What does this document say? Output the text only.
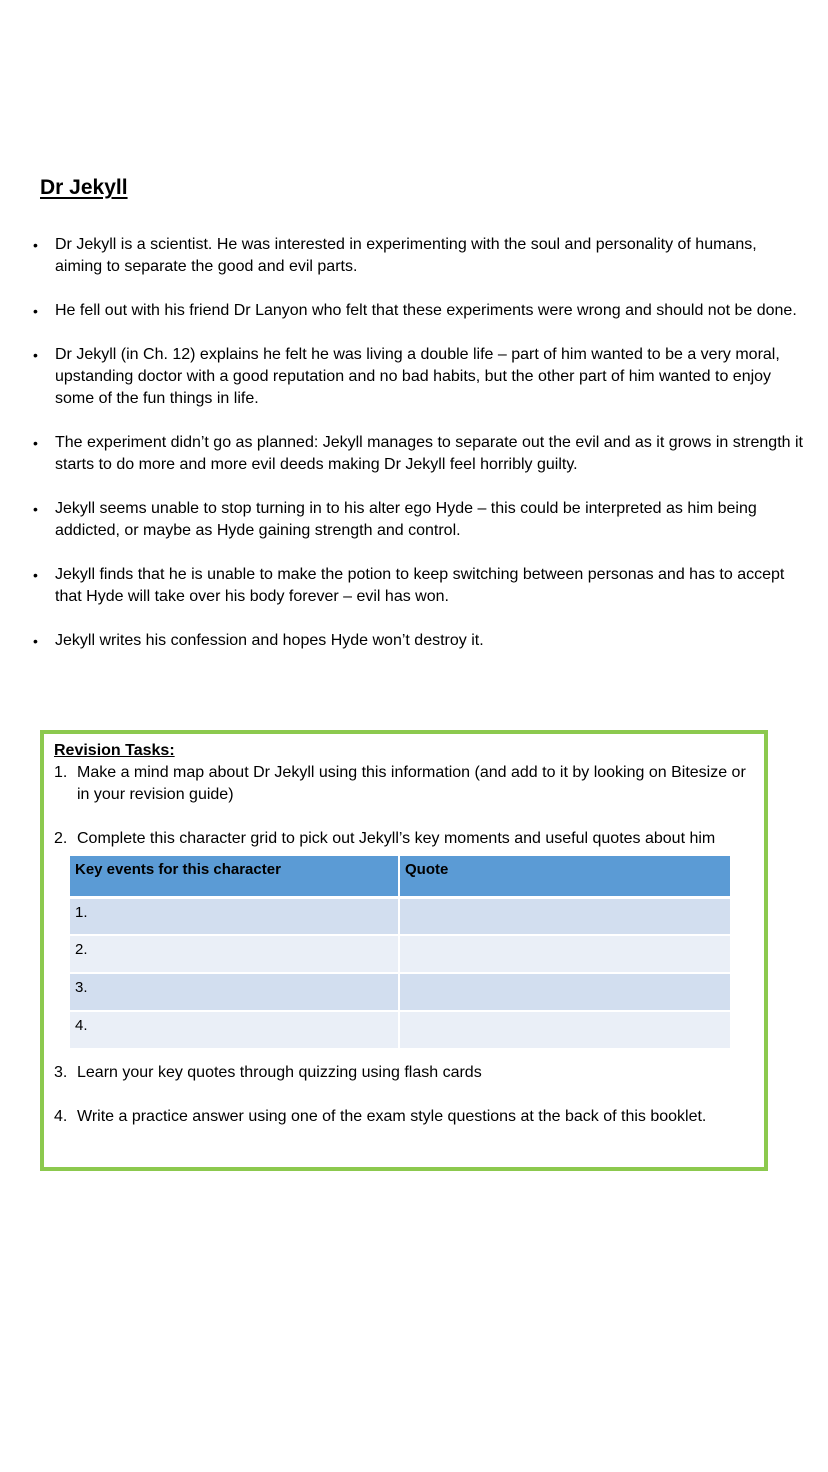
Dr Jekyll
•	Dr Jekyll is a scientist. He was interested in experimenting with the soul and personality of humans, aiming to separate the good and evil parts.
•	He fell out with his friend Dr Lanyon who felt that these experiments were wrong and should not be done.
•	Dr Jekyll (in Ch. 12) explains he felt he was living a double life – part of him wanted to be a very moral, upstanding doctor with a good reputation and no bad habits, but the other part of him wanted to enjoy some of the fun things in life.
•	The experiment didn’t go as planned: Jekyll manages to separate out the evil and as it grows in strength it starts to do more and more evil deeds making Dr Jekyll feel horribly guilty.
•	Jekyll seems unable to stop turning in to his alter ego Hyde – this could be interpreted as him being addicted, or maybe as Hyde gaining strength and control.
•	Jekyll finds that he is unable to make the potion to keep switching between personas and has to accept that Hyde will take over his body forever – evil has won.
•	Jekyll writes his confession and hopes Hyde won’t destroy it.

Revision Tasks:

1. Make a mind map about Dr Jekyll using this information (and add to it by looking on Bitesize or in your revision guide)
2. Complete this character grid to pick out Jekyll’s key moments and useful quotes about him
Key events for this character	Quote
1.	
2.	
3.	
4.	
3. Learn your key quotes through quizzing using flash cards
4. Write a practice answer using one of the exam style questions at the back of this booklet.
